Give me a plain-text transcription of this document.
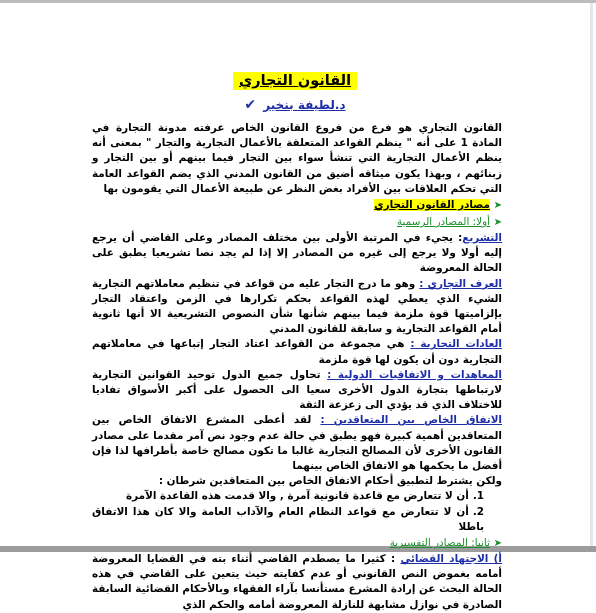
القانون التجاري
د.لطيفة بنخير ✔

القانون التجاري هو فرع من فروع القانون الخاص عرفته مدونة التجارة في المادة 1 على أنه " ينظم القواعد المتعلقة بالأعمال التجارية والتجار " بمعنى أنه ينظم الأعمال التجارية التي تنشأ سواء بين التجار فيما بينهم أو بين التجار و زبنائهم ، وبهذا يكون ميثاقه أضيق من القانون المدني الذي يضم القواعد العامة التي تحكم العلاقات بين الأفراد بغض النظر عن طبيعة الأعمال التي يقومون بها

➤ مصادر القانون التجاري

➤ أولا: المصادر الرسمية

التشريع: يجيء في المرتبة الأولى بين مختلف المصادر وعلى القاضي أن يرجع إليه أولا ولا يرجع إلى غيره من المصادر إلا إذا لم يجد نصا تشريعيا يطبق على الحالة المعروضة

العرف التجاري : وهو ما درج التجار عليه من قواعد في تنظيم معاملاتهم التجارية الشيء الذي يعطي لهذه القواعد بحكم تكرارها في الزمن واعتقاد التجار بإلزاميتها قوة ملزمة فيما بينهم شأنها شأن النصوص التشريعية الا أنها ثانوية أمام القواعد التجارية و سابقة للقانون المدني

العادات التجارية : هي مجموعة من القواعد اعتاد التجار إتباعها في معاملاتهم التجارية دون أن يكون لها قوة ملزمة

المعاهدات و الاتفاقيات الدولية : تحاول جميع الدول توحيد القوانين التجارية لارتباطها بتجارة الدول الأخرى سعيا الى الحصول على أكبر الأسواق تفاديا للاختلاف الذي قد يؤدي الى زعزعة الثقة

الاتفاق الخاص بين المتعاقدين : لقد أعطى المشرع الاتفاق الخاص بين المتعاقدين أهمية كبيرة فهو يطبق في حالة عدم وجود نص آمر مقدما على مصادر القانون الأخرى لأن المصالح التجارية غالبا ما تكون مصالح خاصة بأطرافها لذا فإن أفضل ما يحكمها هو الاتفاق الخاص بينهما

ولكن يشترط لتطبيق أحكام الاتفاق الخاص بين المتعاقدين شرطان :

1.أن لا تتعارض مع قاعدة قانونية آمرة , والا قدمت هذه القاعدة الآمرة
2.أن لا تتعارض مع قواعد النظام العام والآداب العامة والا كان هذا الاتفاق باطلا

➤ ثانيا: المصادر التفسيرية

أ) الاجتهاد القضائي : كثيرا ما يصطدم القاضي أثناء بته في القضايا المعروضة أمامه بغموض النص القانوني أو عدم كفايته حيث يتعين على القاضي في هذه الحالة البحث عن إرادة المشرع مستأنسا بآراء الفقهاء وبالأحكام القضائية السابقة الصادرة في نوازل مشابهة للنازلة المعروضة أمامه والحكم الذي
